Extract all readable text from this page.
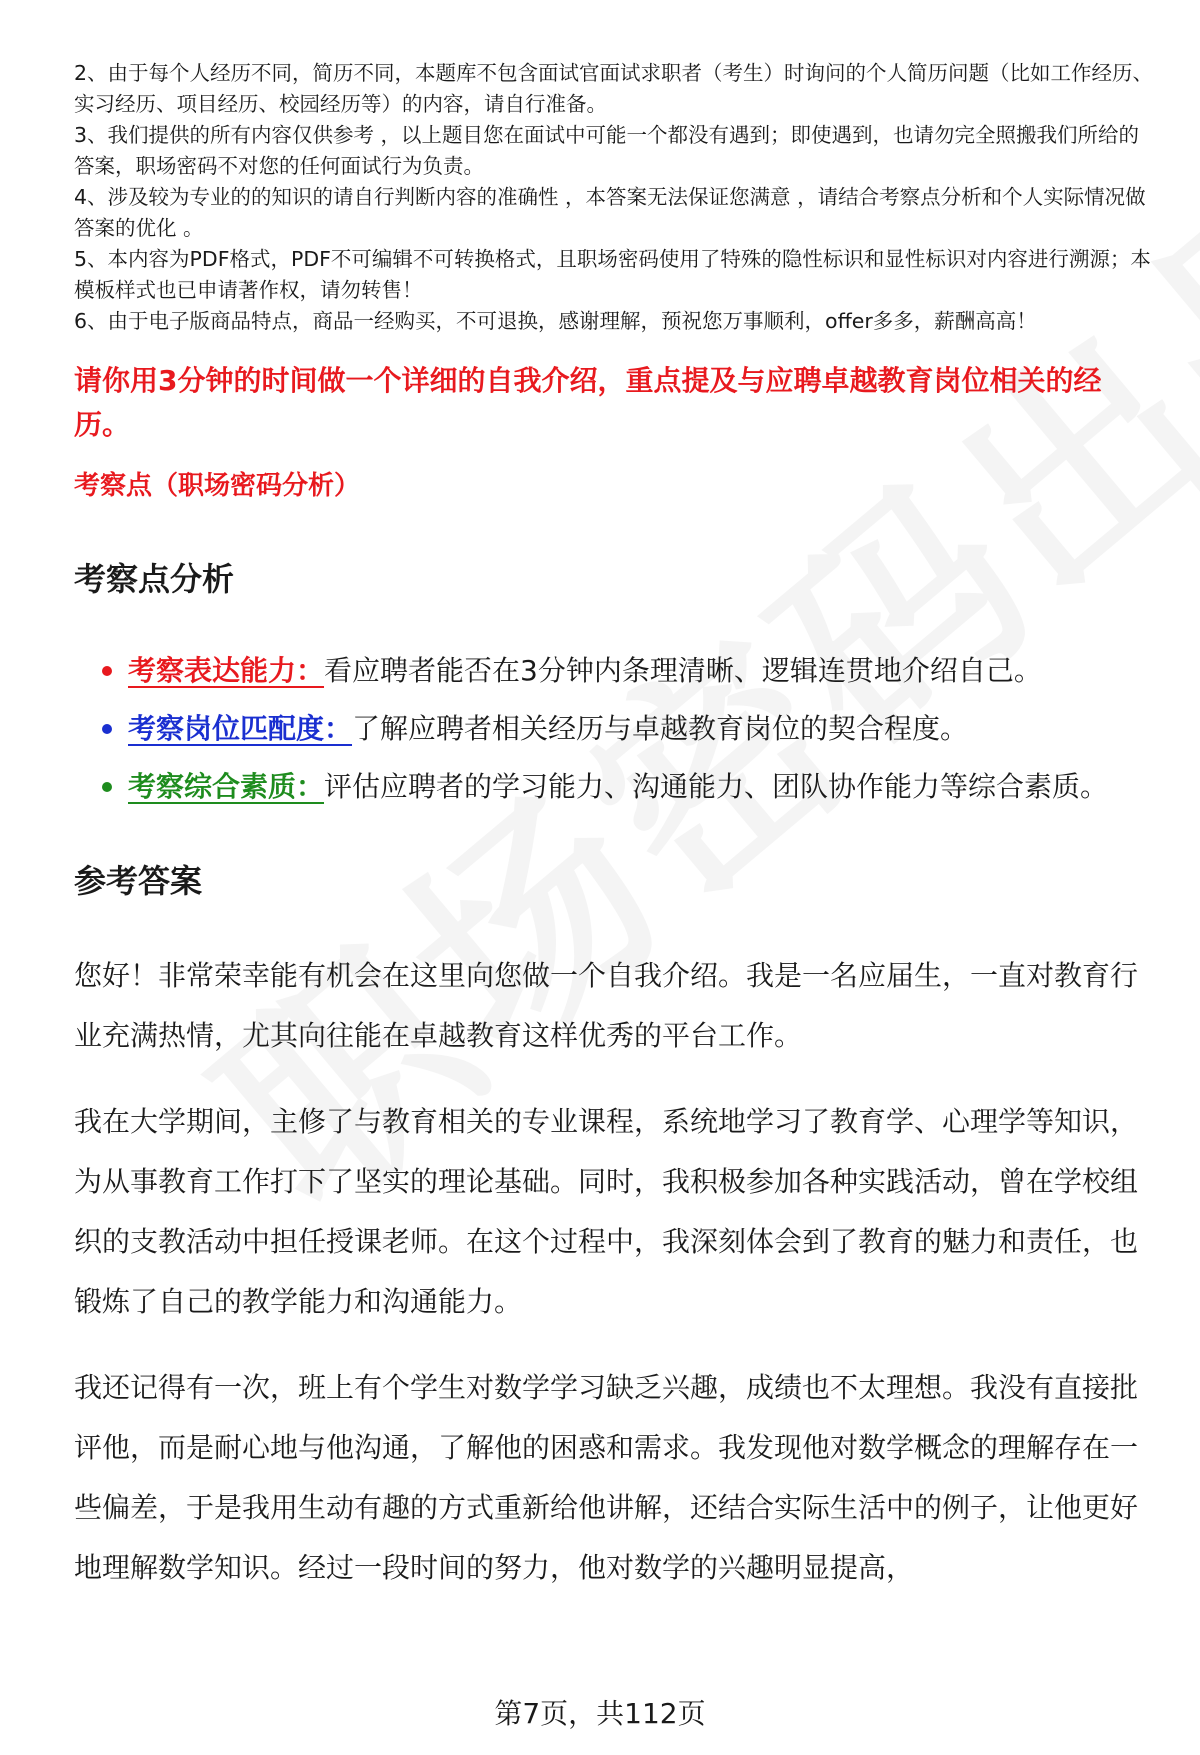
2、由于每个人经历不同，简历不同，本题库不包含面试官面试求职者（考生）时询问的个人简历问题（比如工作经历、实习经历、项目经历、校园经历等）的内容，请自行准备。

3、我们提供的所有内容仅供参考 ，以上题目您在面试中可能一个都没有遇到；即使遇到，也请勿完全照搬我们所给的答案，职场密码不对您的任何面试行为负责。

4、涉及较为专业的的知识的请自行判断内容的准确性 ，本答案无法保证您满意 ，请结合考察点分析和个人实际情况做答案的优化 。

5、本内容为PDF格式，PDF不可编辑不可转换格式，且职场密码使用了特殊的隐性标识和显性标识对内容进行溯源；本模板样式也已申请著作权，请勿转售！

6、由于电子版商品特点，商品一经购买，不可退换，感谢理解，预祝您万事顺利，offer多多，薪酬高高！

请你用3分钟的时间做一个详细的自我介绍，重点提及与应聘卓越教育岗位相关的经历。
考察点（职场密码分析）
考察点分析
考察表达能力：看应聘者能否在3分钟内条理清晰、逻辑连贯地介绍自己。
考察岗位匹配度：了解应聘者相关经历与卓越教育岗位的契合程度。
考察综合素质：评估应聘者的学习能力、沟通能力、团队协作能力等综合素质。
参考答案

您好！非常荣幸能有机会在这里向您做一个自我介绍。我是一名应届生，一直对教育行业充满热情，尤其向往能在卓越教育这样优秀的平台工作。

我在大学期间，主修了与教育相关的专业课程，系统地学习了教育学、心理学等知识，为从事教育工作打下了坚实的理论基础。同时，我积极参加各种实践活动，曾在学校组织的支教活动中担任授课老师。在这个过程中，我深刻体会到了教育的魅力和责任，也锻炼了自己的教学能力和沟通能力。

我还记得有一次，班上有个学生对数学学习缺乏兴趣，成绩也不太理想。我没有直接批评他，而是耐心地与他沟通，了解他的困惑和需求。我发现他对数学概念的理解存在一些偏差，于是我用生动有趣的方式重新给他讲解，还结合实际生活中的例子，让他更好地理解数学知识。经过一段时间的努力，他对数学的兴趣明显提高，

第7页，共112页
